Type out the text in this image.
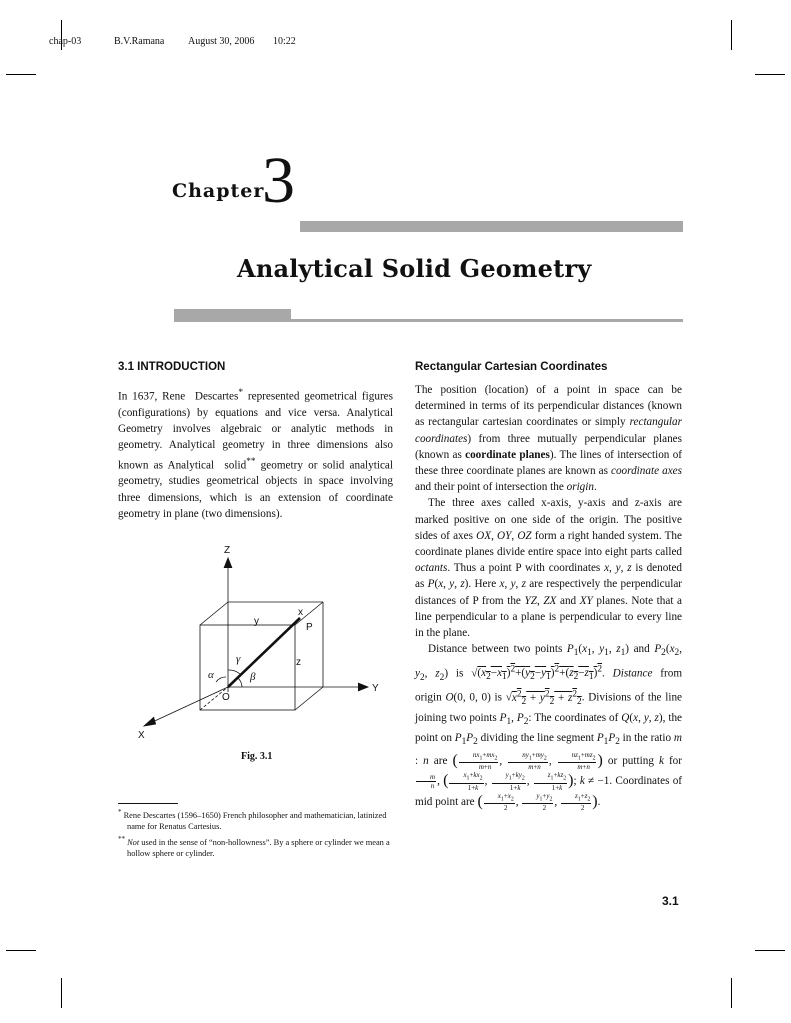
chap-03	B.V.Ramana August 30, 2006 10:22
Chapter
3
Analytical Solid Geometry
3.1 INTRODUCTION

In 1637, Rene  Descartes* represented geometrical figures (configurations) by equations and vice versa. Analytical Geometry involves algebraic or analytic methods in geometry. Analytical geometry in three dimensions also known as Analytical  solid** geometry or solid analytical geometry, studies geometrical objects in space involving three dimensions, which is an extension of coordinate geometry in plane (two dimensions).

Z
Y
X
O
P
x
y
z
α	β
γ
Fig. 3.1

* Rene Descartes (1596–1650) French philosopher and mathematician, latinized name for Renatus Cartesius.

** Not used in the sense of “non-hollowness”. By a sphere or cylinder we mean a hollow sphere or cylinder.

Rectangular Cartesian Coordinates

The position (location) of a point in space can be determined in terms of its perpendicular distances (known as rectangular cartesian coordinates or simply rectangular coordinates) from three mutually perpendicular planes (known as coordinate planes). The lines of intersection of these three coordinate planes are known as coordinate axes and their point of intersection the origin.

The three axes called x-axis, y-axis and z-axis are marked positive on one side of the origin. The positive sides of axes OX, OY, OZ form a right handed system. The coordinate planes divide entire space into eight parts called octants. Thus a point P with coordinates x, y, z is denoted as P(x, y, z). Here x, y, z are respectively the perpendicular distances of P from the YZ, ZX and XY planes. Note that a line perpendicular to a plane is perpendicular to every line in the plane.

Distance between two points $P_1(x_1$, $y_1$, $z_1$) and $P_2(x_2$, $y_2$, $z_2$) is $√(x_2-x_1)^2+(y_2-y_1)^2+(z_2-z_1)^2$. Distance from origin O(0, 0, 0) is $√x^2_2 + y^2_2 + z^2_2$. Divisions of the line joining two points $P_1$, $P_2$: The coordinates of Q(x, y, z), the point on $P_1P_2$ dividing the line segment $P_1P_2$ in the ratio m : n are ( $\frac{nx_1+mx_2}{m+n}$ , $\frac{ny_1+my_2}{m+n}$ , $\frac{nz_1+mz_2}{m+n}$ ) or putting k for
$\frac{m}{n}$ , ( $\frac{x_1+kx_2}{1+k}$ , $\frac{y_1+ky_2}{1+k}$ , $\frac{z_1+kz_2}{1+k}$ ); k ≠ −1. Coordinates of mid point are ( $\frac{x_1+x_2}{2}$ , $\frac{y_1+y_2}{2}$ , $\frac{z_1+z_2}{2}$ ).

3.1
